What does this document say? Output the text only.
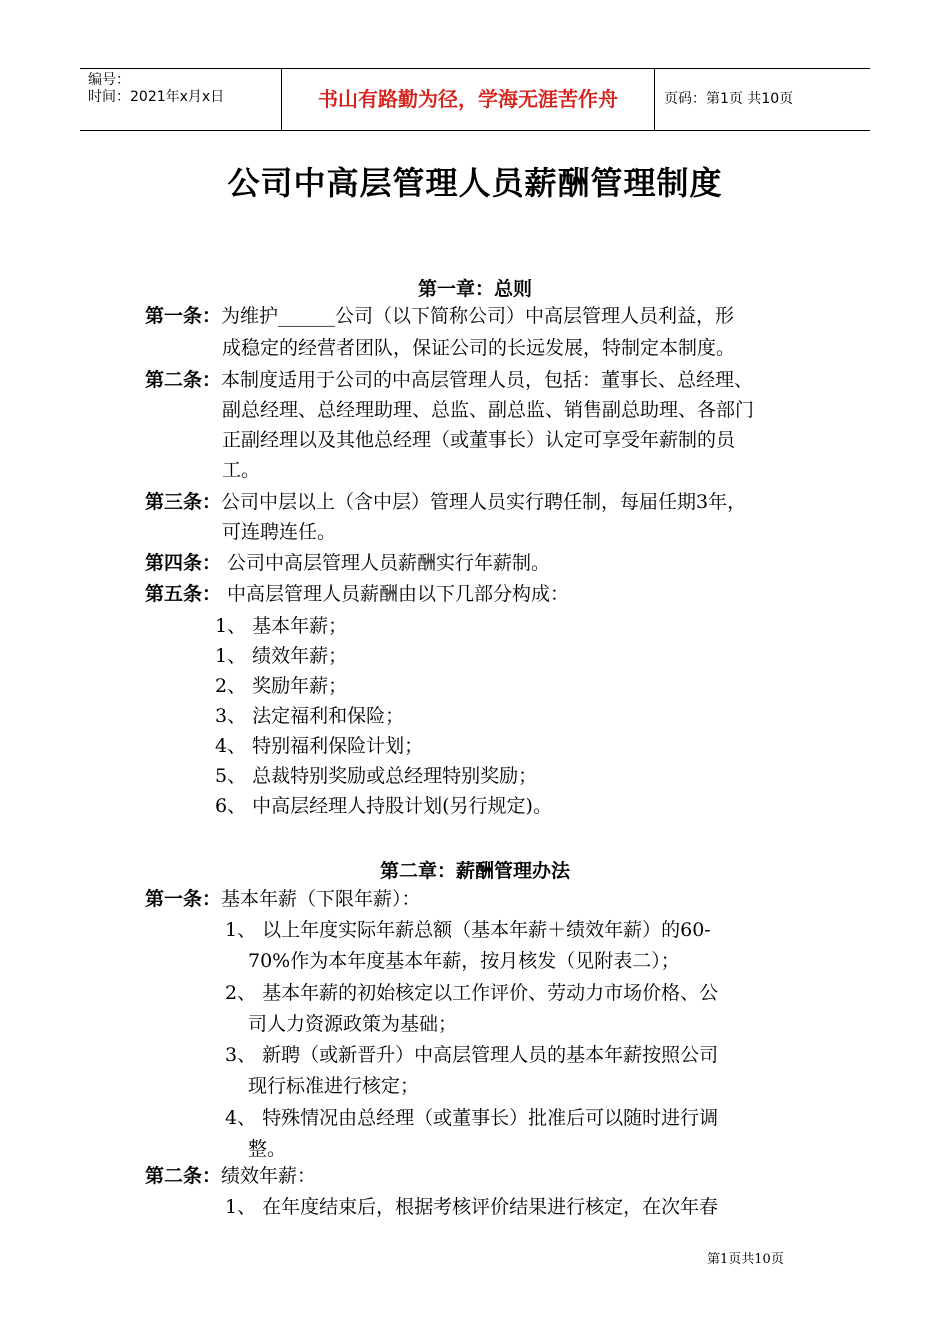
编号：
时间：2021年x月x日	书山有路勤为径，学海无涯苦作舟	页码：第1页 共10页
公司中高层管理人员薪酬管理制度
第一章：总则
第一条：为维护______公司（以下简称公司）中高层管理人员利益，形
成稳定的经营者团队，保证公司的长远发展，特制定本制度。
第二条：本制度适用于公司的中高层管理人员，包括：董事长、总经理、
副总经理、总经理助理、总监、副总监、销售副总助理、各部门
正副经理以及其他总经理（或董事长）认定可享受年薪制的员
工。
第三条：公司中层以上（含中层）管理人员实行聘任制，每届任期3年，
可连聘连任。
第四条： 公司中高层管理人员薪酬实行年薪制。
第五条： 中高层管理人员薪酬由以下几部分构成：
1、 基本年薪；
1、 绩效年薪；
2、 奖励年薪；
3、 法定福利和保险；
4、 特别福利保险计划；
5、 总裁特别奖励或总经理特别奖励；
6、 中高层经理人持股计划(另行规定)。
第二章：薪酬管理办法
第一条：基本年薪（下限年薪）：
1、 以上年度实际年薪总额（基本年薪＋绩效年薪）的60-
70%作为本年度基本年薪，按月核发（见附表二）；
2、 基本年薪的初始核定以工作评价、劳动力市场价格、公
司人力资源政策为基础；
3、 新聘（或新晋升）中高层管理人员的基本年薪按照公司
现行标准进行核定；
4、 特殊情况由总经理（或董事长）批准后可以随时进行调
整。
第二条：绩效年薪：
1、 在年度结束后，根据考核评价结果进行核定，在次年春
第1页共10页
